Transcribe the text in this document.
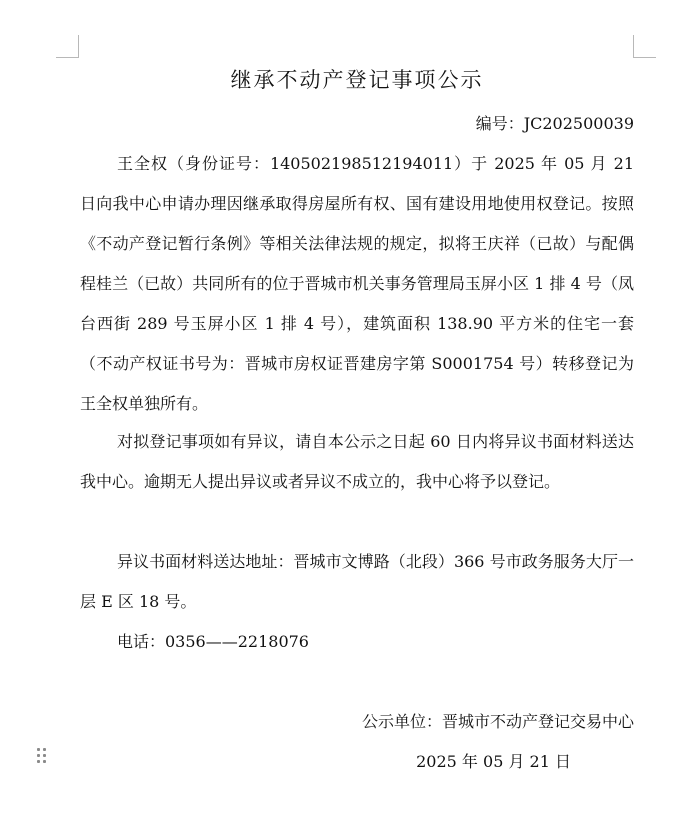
继承不动产登记事项公示
编号：JC202500039

王全权（身份证号：140502198512194011）于 2025 年 05 月 21 日向我中心申请办理因继承取得房屋所有权、国有建设用地使用权登记。按照《不动产登记暂行条例》等相关法律法规的规定，拟将王庆祥（已故）与配偶程桂兰（已故）共同所有的位于晋城市机关事务管理局玉屏小区 1 排 4 号（凤台西街 289 号玉屏小区 1 排 4 号），建筑面积 138.90 平方米的住宅一套（不动产权证书号为：晋城市房权证晋建房字第 S0001754 号）转移登记为王全权单独所有。

对拟登记事项如有异议，请自本公示之日起 60 日内将异议书面材料送达我中心。逾期无人提出异议或者异议不成立的，我中心将予以登记。

异议书面材料送达地址：晋城市文博路（北段）366 号市政务服务大厅一层 E 区 18 号。

电话：0356——2218076

公示单位：晋城市不动产登记交易中心
2025 年 05 月 21 日
